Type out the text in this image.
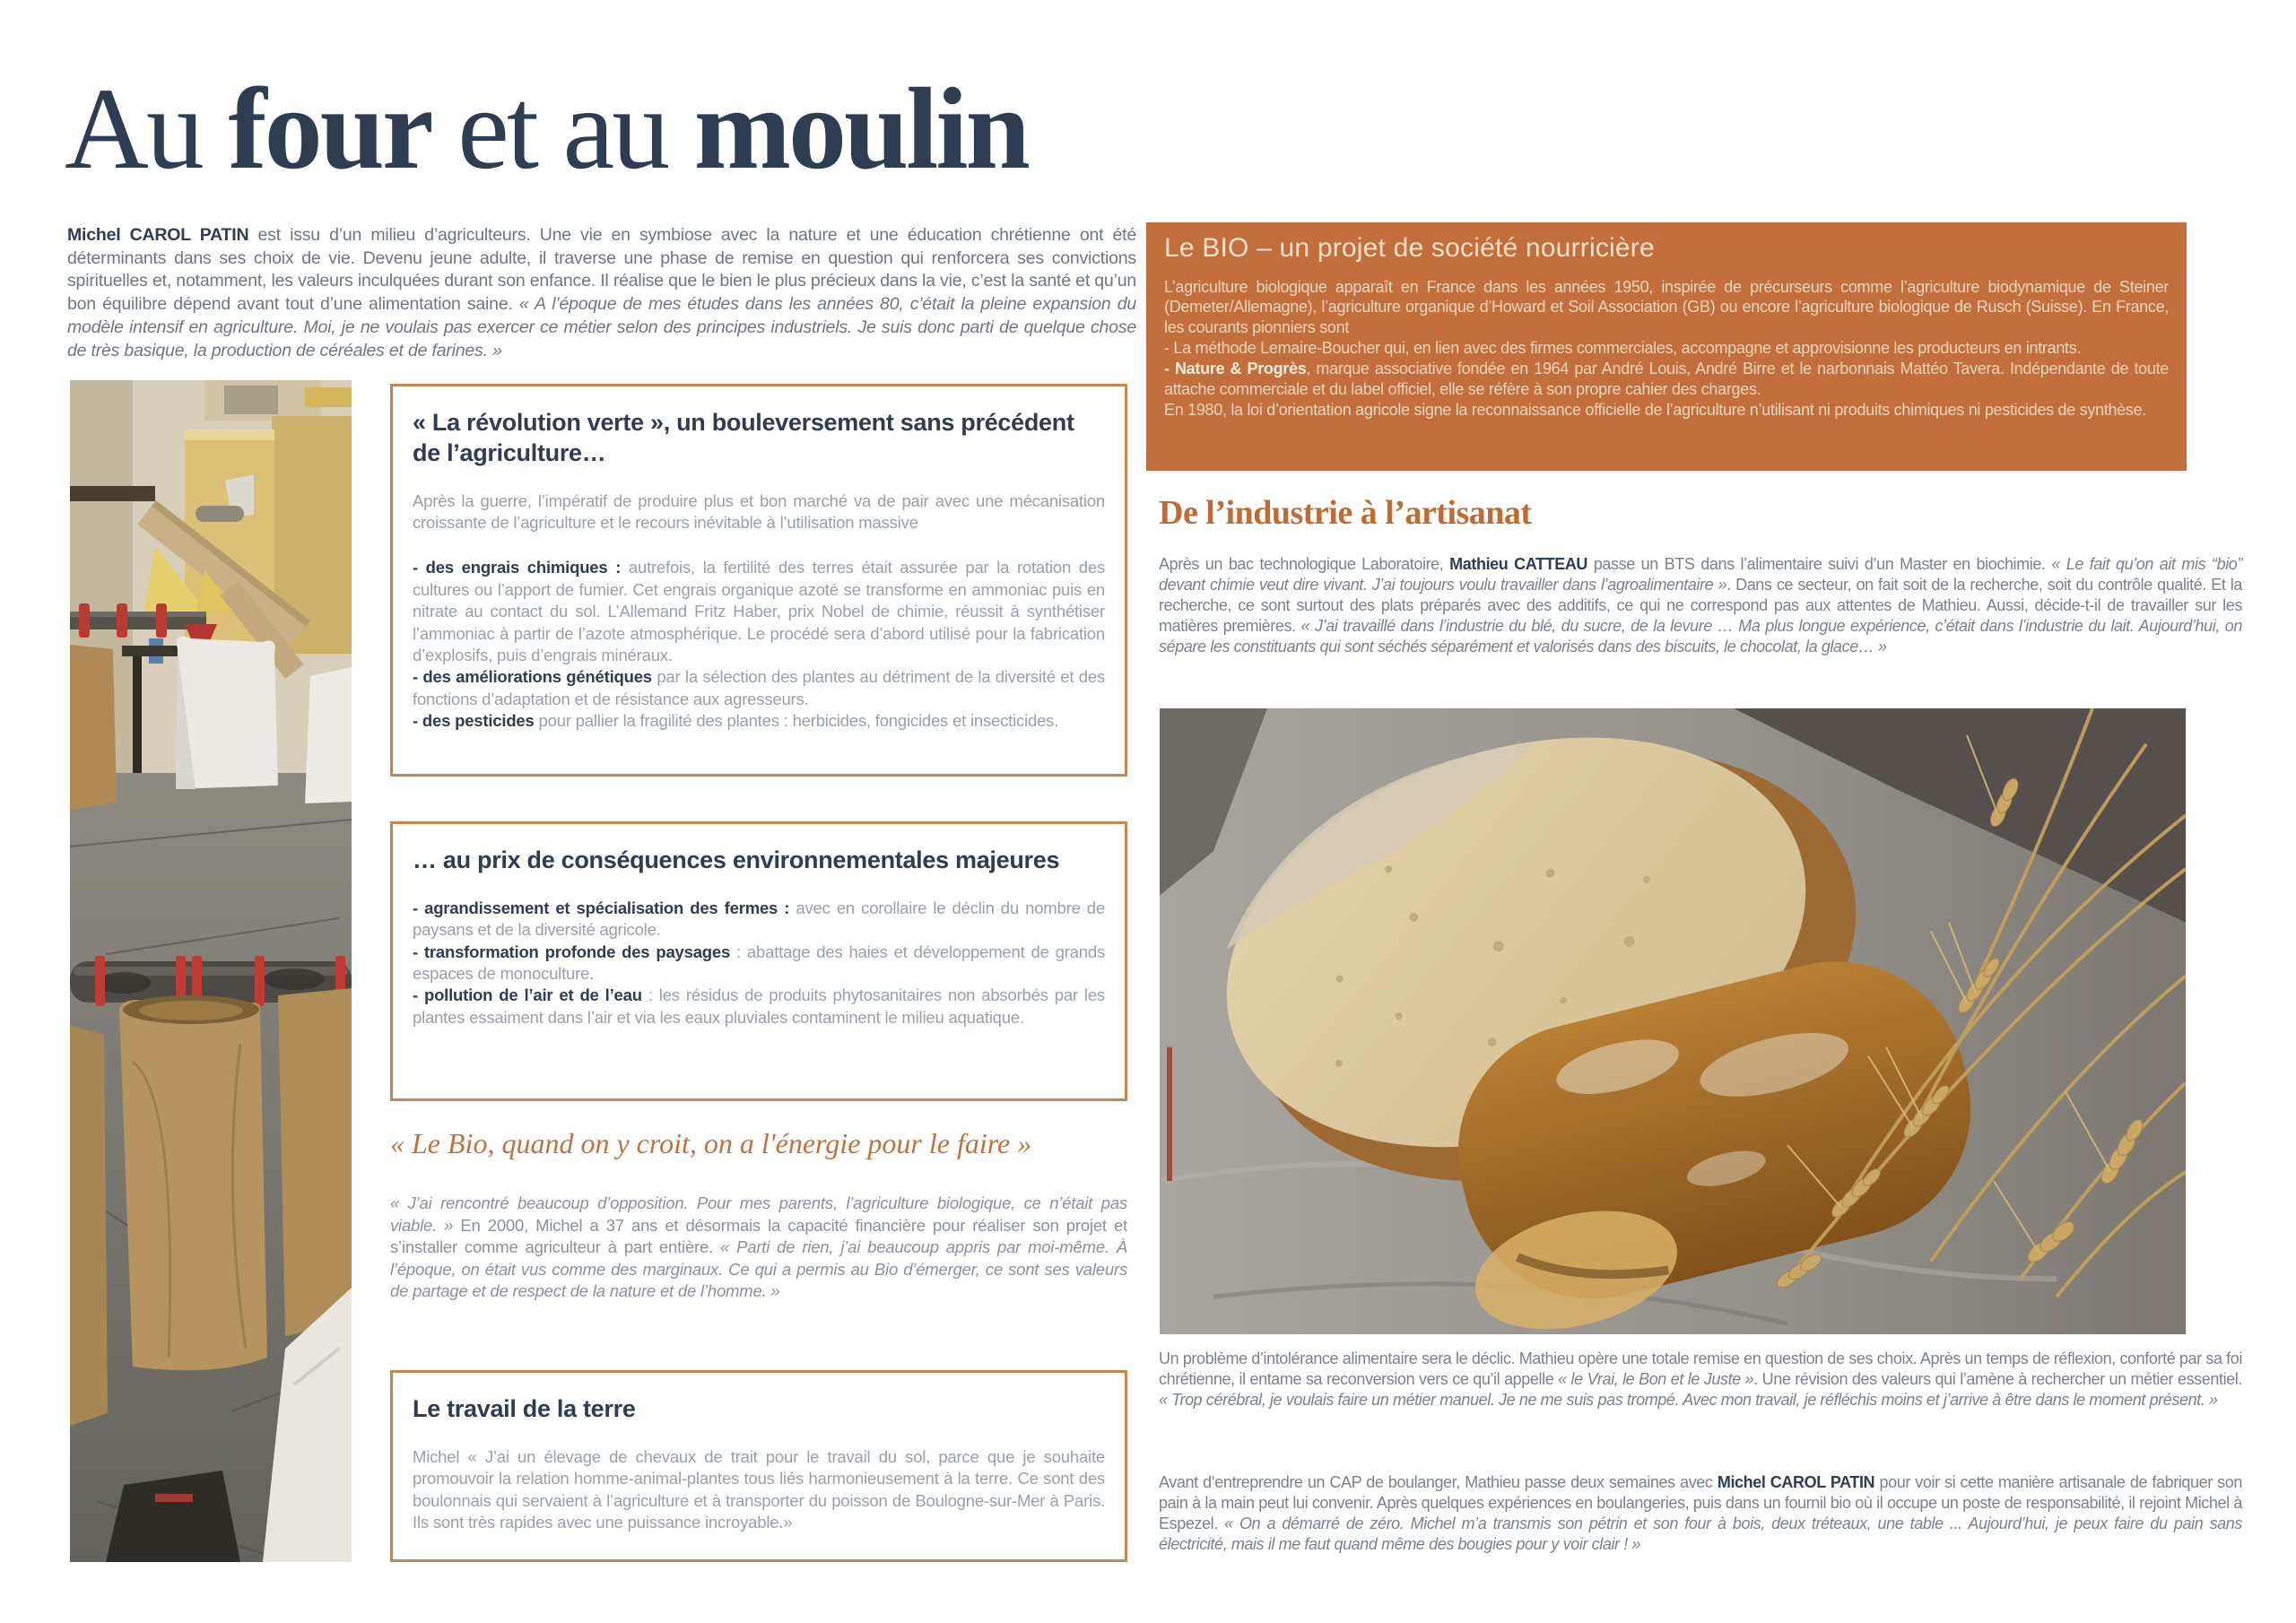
Au four et au moulin

Michel CAROL PATIN est issu d’un milieu d’agriculteurs. Une vie en symbiose avec la nature et une éducation chrétienne ont été déterminants dans ses choix de vie. Devenu jeune adulte, il traverse une phase de remise en question qui renforcera ses convictions spirituelles et, notamment, les valeurs inculquées durant son enfance. Il réalise que le bien le plus précieux dans la vie, c’est la santé et qu’un bon équilibre dépend avant tout d’une alimentation saine. « A l’époque de mes études dans les années 80, c’était la pleine expansion du modèle intensif en agriculture. Moi, je ne voulais pas exercer ce métier selon des principes industriels. Je suis donc parti de quelque chose de très basique, la production de céréales et de farines. »

« La révolution verte », un bouleversement sans précédent de l’agriculture…

Après la guerre, l’impératif de produire plus et bon marché va de pair avec une mécanisation croissante de l’agriculture et le recours inévitable à l’utilisation massive

- des engrais chimiques : autrefois, la fertilité des terres était assurée par la rotation des cultures ou l’apport de fumier. Cet engrais organique azoté se transforme en ammoniac puis en nitrate au contact du sol. L’Allemand Fritz Haber, prix Nobel de chimie, réussit à synthétiser l’ammoniac à partir de l’azote atmosphérique. Le procédé sera d’abord utilisé pour la fabrication d’explosifs, puis d’engrais minéraux.

- des améliorations génétiques par la sélection des plantes au détriment de la diversité et des fonctions d’adaptation et de résistance aux agresseurs.

- des pesticides pour pallier la fragilité des plantes : herbicides, fongicides et insecticides.

… au prix de conséquences environnementales majeures

- agrandissement et spécialisation des fermes : avec en corollaire le déclin du nombre de paysans et de la diversité agricole.

- transformation profonde des paysages : abattage des haies et développement de grands espaces de monoculture.

- pollution de l’air et de l’eau : les résidus de produits phytosanitaires non absorbés par les plantes essaiment dans l’air et via les eaux pluviales contaminent le milieu aquatique.

« Le Bio, quand on y croit, on a l'énergie pour le faire »

« J’ai rencontré beaucoup d’opposition. Pour mes parents, l’agriculture biologique, ce n’était pas viable. » En 2000, Michel a 37 ans et désormais la capacité financière pour réaliser son projet et s’installer comme agriculteur à part entière. « Parti de rien, j’ai beaucoup appris par moi-même. À l’époque, on était vus comme des marginaux. Ce qui a permis au Bio d’émerger, ce sont ses valeurs de partage et de respect de la nature et de l’homme. »

Le travail de la terre

Michel « J’ai un élevage de chevaux de trait pour le travail du sol, parce que je souhaite promouvoir la relation homme-animal-plantes tous liés harmonieusement à la terre. Ce sont des boulonnais qui servaient à l’agriculture et à transporter du poisson de Boulogne-sur-Mer à Paris. Ils sont très rapides avec une puissance incroyable.»

Le BIO – un projet de société nourricière

L’agriculture biologique apparaît en France dans les années 1950, inspirée de précurseurs comme l’agriculture biodynamique de Steiner (Demeter/Allemagne), l’agriculture organique d’Howard et Soil Association (GB) ou encore l’agriculture biologique de Rusch (Suisse). En France, les courants pionniers sont

- La méthode Lemaire-Boucher qui, en lien avec des firmes commerciales, accompagne et approvisionne les producteurs en intrants.

- Nature & Progrès, marque associative fondée en 1964 par André Louis, André Birre et le narbonnais Mattéo Tavera. Indépendante de toute attache commerciale et du label officiel, elle se réfère à son propre cahier des charges.

En 1980, la loi d’orientation agricole signe la reconnaissance officielle de l’agriculture n’utilisant ni produits chimiques ni pesticides de synthèse.

De l’industrie à l’artisanat

Après un bac technologique Laboratoire, Mathieu CATTEAU passe un BTS dans l’alimentaire suivi d’un Master en biochimie. « Le fait qu’on ait mis “bio” devant chimie veut dire vivant. J’ai toujours voulu travailler dans l’agroalimentaire ». Dans ce secteur, on fait soit de la recherche, soit du contrôle qualité. Et la recherche, ce sont surtout des plats préparés avec des additifs, ce qui ne correspond pas aux attentes de Mathieu. Aussi, décide-t-il de travailler sur les matières premières. « J’ai travaillé dans l’industrie du blé, du sucre, de la levure … Ma plus longue expérience, c’était dans l’industrie du lait. Aujourd’hui, on sépare les constituants qui sont séchés séparément et valorisés dans des biscuits, le chocolat, la glace… »

Un problème d’intolérance alimentaire sera le déclic. Mathieu opère une totale remise en question de ses choix. Après un temps de réflexion, conforté par sa foi chrétienne, il entame sa reconversion vers ce qu’il appelle « le Vrai, le Bon et le Juste ». Une révision des valeurs qui l’amène à rechercher un métier essentiel. « Trop cérébral, je voulais faire un métier manuel. Je ne me suis pas trompé. Avec mon travail, je réfléchis moins et j’arrive à être dans le moment présent. »

Avant d’entreprendre un CAP de boulanger, Mathieu passe deux semaines avec Michel CAROL PATIN pour voir si cette manière artisanale de fabriquer son pain à la main peut lui convenir. Après quelques expériences en boulangeries, puis dans un fournil bio où il occupe un poste de responsabilité, il rejoint Michel à Espezel. « On a démarré de zéro. Michel m’a transmis son pétrin et son four à bois, deux tréteaux, une table ... Aujourd’hui, je peux faire du pain sans électricité, mais il me faut quand même des bougies pour y voir clair ! »
